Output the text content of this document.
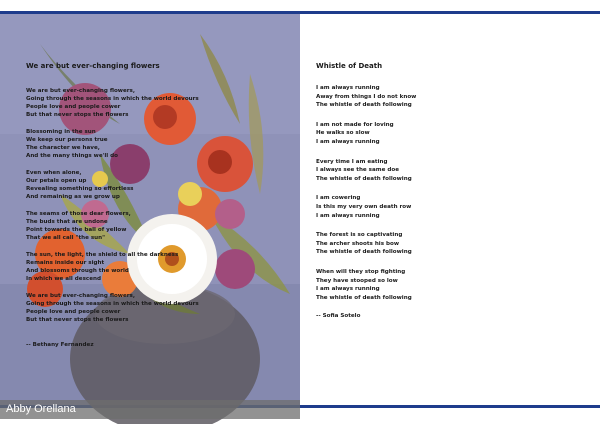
We are but ever-changing flowers
We are but ever-changing flowers,
Going through the seasons in which the world devours
People love and people cower
But that never stops the flowers
Blossoming in the sun
We keep our persons true
The character we have,
And the many things we'll do
Even when alone,
Our petals open up
Revealing something so effortless
And remaining as we grow up
The seams of those dear flowers,
The buds that are undone
Point towards the ball of yellow
That we all call "the sun"
The sun, the light, the shield to all the darkness
Remains inside our sight
And blossoms through the world
In which we all descend
We are but ever-changing flowers,
Going through the seasons in which the world devours
People love and people cower
But that never stops the flowers
-- Bethany Fernandez
Abby Orellana
Whistle of Death
I am always running
Away from things I do not know
The whistle of death following
I am not made for loving
He walks so slow
I am always running
Every time I am eating
I always see the same doe
The whistle of death following
I am cowering
Is this my very own death row
I am always running
The forest is so captivating
The archer shoots his bow
The whistle of death following
When will they stop fighting
They have stooped so low
I am always running
The whistle of death following
-- Sofia Sotelo
